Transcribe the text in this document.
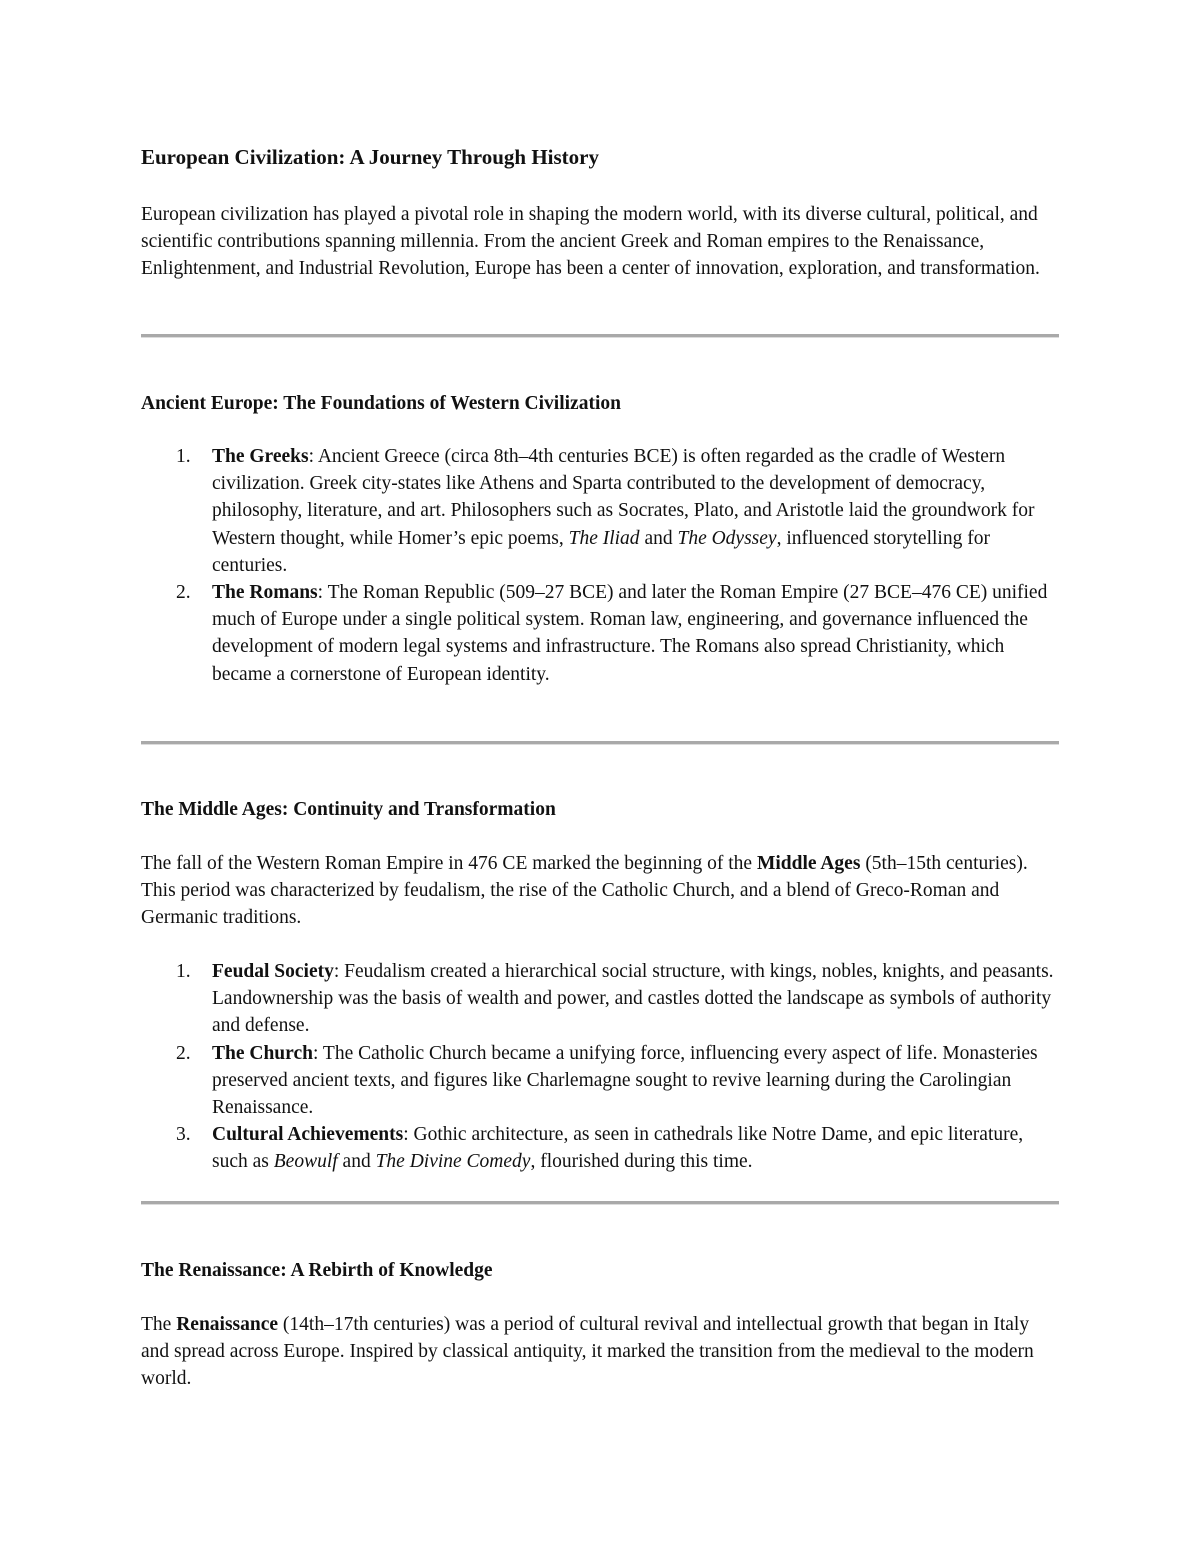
European Civilization: A Journey Through History
European civilization has played a pivotal role in shaping the modern world, with its diverse cultural, political, and scientific contributions spanning millennia. From the ancient Greek and Roman empires to the Renaissance, Enlightenment, and Industrial Revolution, Europe has been a center of innovation, exploration, and transformation.
Ancient Europe: The Foundations of Western Civilization
1. The Greeks: Ancient Greece (circa 8th–4th centuries BCE) is often regarded as the cradle of Western civilization. Greek city-states like Athens and Sparta contributed to the development of democracy, philosophy, literature, and art. Philosophers such as Socrates, Plato, and Aristotle laid the groundwork for Western thought, while Homer’s epic poems, The Iliad and The Odyssey, influenced storytelling for centuries.
2. The Romans: The Roman Republic (509–27 BCE) and later the Roman Empire (27 BCE–476 CE) unified much of Europe under a single political system. Roman law, engineering, and governance influenced the development of modern legal systems and infrastructure. The Romans also spread Christianity, which became a cornerstone of European identity.
The Middle Ages: Continuity and Transformation
The fall of the Western Roman Empire in 476 CE marked the beginning of the Middle Ages (5th–15th centuries). This period was characterized by feudalism, the rise of the Catholic Church, and a blend of Greco-Roman and Germanic traditions.
1. Feudal Society: Feudalism created a hierarchical social structure, with kings, nobles, knights, and peasants. Landownership was the basis of wealth and power, and castles dotted the landscape as symbols of authority and defense.
2. The Church: The Catholic Church became a unifying force, influencing every aspect of life. Monasteries preserved ancient texts, and figures like Charlemagne sought to revive learning during the Carolingian Renaissance.
3. Cultural Achievements: Gothic architecture, as seen in cathedrals like Notre Dame, and epic literature, such as Beowulf and The Divine Comedy, flourished during this time.
The Renaissance: A Rebirth of Knowledge
The Renaissance (14th–17th centuries) was a period of cultural revival and intellectual growth that began in Italy and spread across Europe. Inspired by classical antiquity, it marked the transition from the medieval to the modern world.
